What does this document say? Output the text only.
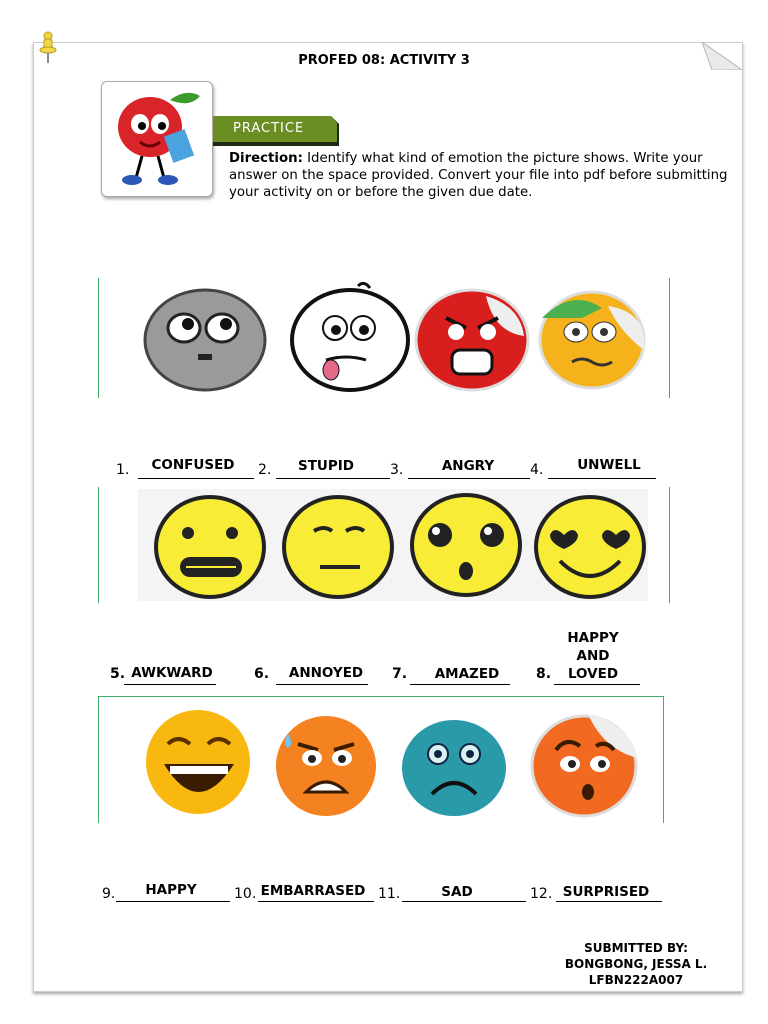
PROFED 08: ACTIVITY 3
PRACTICE
Direction: Identify what kind of emotion the picture shows. Write your answer on the space provided. Convert your file into pdf before submitting your activity on or before the given due date.
1.	CONFUSED	2.	STUPID	3.	ANGRY	4.	UNWELL
5. AWKWARD	6.	ANNOYED	7.	AMAZED	8.
HAPPY
AND
LOVED
9.	HAPPY	10. EMBARRASED 11.	SAD	12. SURPRISED
SUBMITTED BY:
BONGBONG, JESSA L.
LFBN222A007
